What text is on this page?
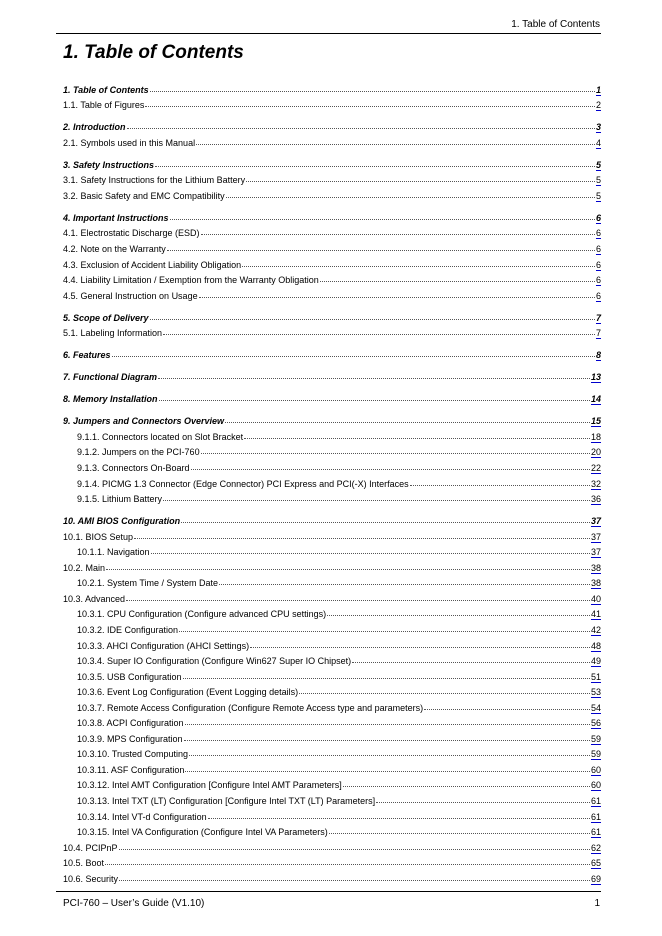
1. Table of Contents
1. Table of Contents
1. Table of Contents	1
1.1. Table of Figures	2
2. Introduction	3
2.1. Symbols used in this Manual	4
3. Safety Instructions	5
3.1. Safety Instructions for the Lithium Battery	5
3.2. Basic Safety and EMC Compatibility	5
4. Important Instructions	6
4.1. Electrostatic Discharge (ESD)	6
4.2. Note on the Warranty	6
4.3. Exclusion of Accident Liability Obligation	6
4.4. Liability Limitation / Exemption from the Warranty Obligation	6
4.5. General Instruction on Usage	6
5. Scope of Delivery	7
5.1. Labeling Information	7
6. Features	8
7. Functional Diagram	13
8. Memory Installation	14
9. Jumpers and Connectors Overview	15
9.1.1. Connectors located on Slot Bracket	18
9.1.2. Jumpers on the PCI-760	20
9.1.3. Connectors On-Board	22
9.1.4. PICMG 1.3 Connector (Edge Connector) PCI Express and PCI(-X) Interfaces	32
9.1.5. Lithium Battery	36
10. AMI BIOS Configuration	37
10.1. BIOS Setup	37
10.1.1. Navigation	37
10.2. Main	38
10.2.1. System Time / System Date	38
10.3. Advanced	40
10.3.1. CPU Configuration (Configure advanced CPU settings)	41
10.3.2. IDE Configuration	42
10.3.3. AHCI Configuration (AHCI Settings)	48
10.3.4. Super IO Configuration (Configure Win627 Super IO Chipset)	49
10.3.5. USB Configuration	51
10.3.6. Event Log Configuration (Event Logging details)	53
10.3.7. Remote Access Configuration (Configure Remote Access type and parameters)	54
10.3.8. ACPI Configuration	56
10.3.9. MPS Configuration	59
10.3.10. Trusted Computing	59
10.3.11. ASF Configuration	60
10.3.12. Intel AMT Configuration [Configure Intel AMT Parameters]	60
10.3.13. Intel TXT (LT) Configuration [Configure Intel TXT (LT) Parameters]	61
10.3.14. Intel VT-d Configuration	61
10.3.15. Intel VA Configuration (Configure Intel VA Parameters)	61
10.4. PCIPnP	62
10.5. Boot	65
10.6. Security	69
PCI-760 – User’s Guide (V1.10)	1
